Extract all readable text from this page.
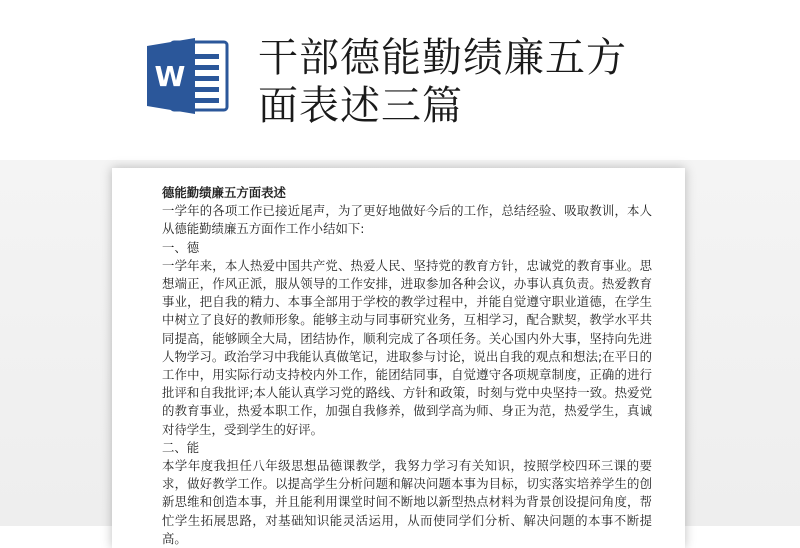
W 干部德能勤绩廉五方
面表述三篇

德能勤绩廉五方面表述

一学年的各项工作已接近尾声，为了更好地做好今后的工作，总结经验、吸取教训，本人从德能勤绩廉五方面作工作小结如下:

一、德

一学年来，本人热爱中国共产党、热爱人民、坚持党的教育方针，忠诚党的教育事业。思想端正，作风正派，服从领导的工作安排，进取参加各种会议，办事认真负责。热爱教育事业，把自我的精力、本事全部用于学校的教学过程中，并能自觉遵守职业道德，在学生中树立了良好的教师形象。能够主动与同事研究业务，互相学习，配合默契，教学水平共同提高，能够顾全大局，团结协作，顺利完成了各项任务。关心国内外大事，坚持向先进人物学习。政治学习中我能认真做笔记，进取参与讨论，说出自我的观点和想法;在平日的工作中，用实际行动支持校内外工作，能团结同事，自觉遵守各项规章制度，正确的进行批评和自我批评;本人能认真学习党的路线、方针和政策，时刻与党中央坚持一致。热爱党的教育事业，热爱本职工作，加强自我修养，做到学高为师、身正为范，热爱学生，真诚对待学生，受到学生的好评。

二、能

本学年度我担任八年级思想品德课教学，我努力学习有关知识，按照学校四环三课的要求，做好教学工作。以提高学生分析问题和解决问题本事为目标，切实落实培养学生的创新思维和创造本事，并且能利用课堂时间不断地以新型热点材料为背景创设提问角度，帮忙学生拓展思路，对基础知识能灵活运用，从而使同学们分析、解决问题的本事不断提高。
